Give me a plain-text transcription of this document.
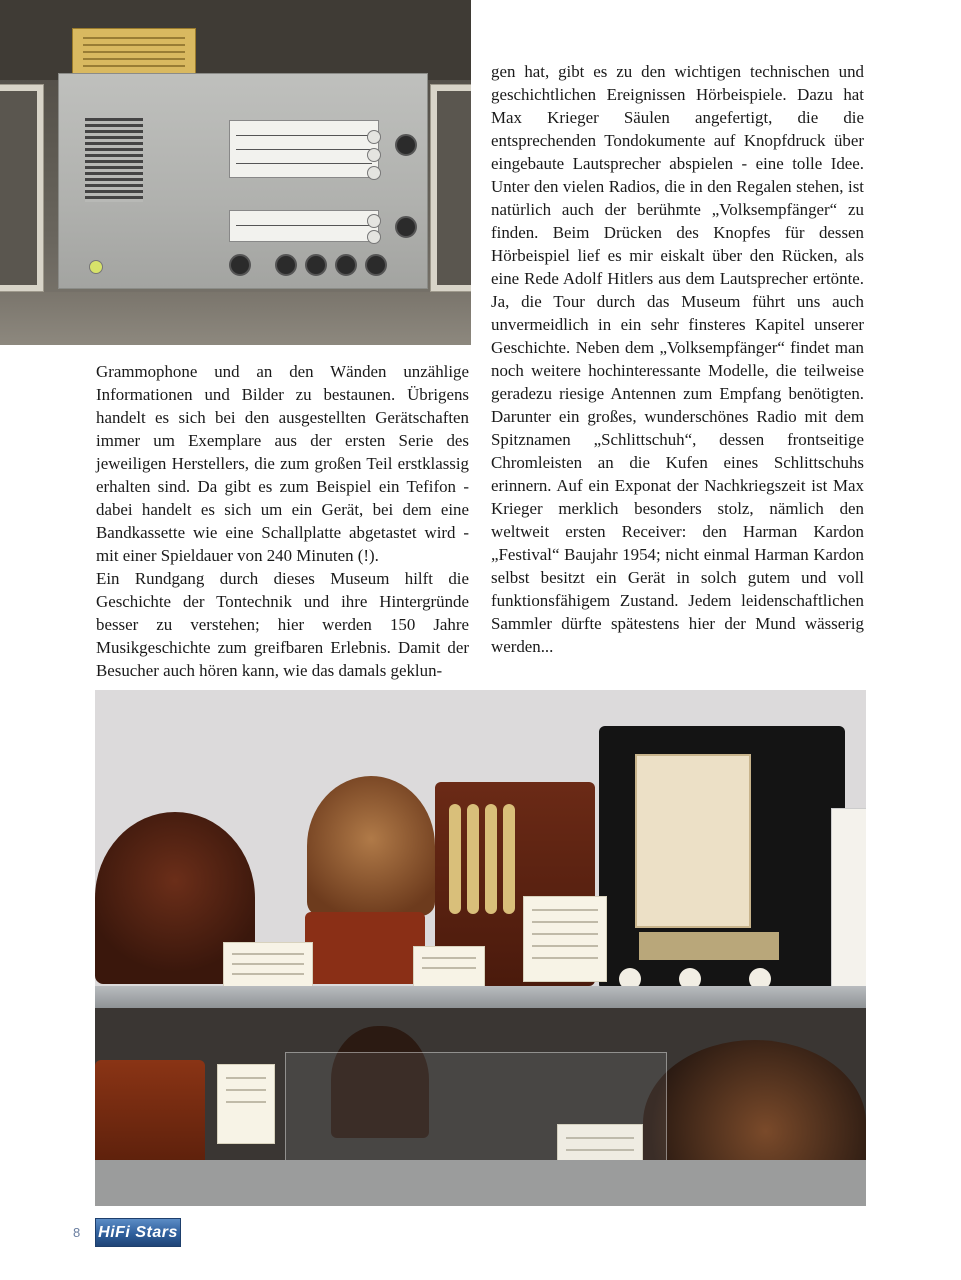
gen hat, gibt es zu den wichtigen technischen und geschichtlichen Ereignissen Hörbeispiele. Dazu hat Max Krieger Säulen angefertigt, die die entsprechenden Tondokumente auf Knopfdruck über eingebaute Lautsprecher abspielen - eine tolle Idee. Unter den vielen Radios, die in den Regalen stehen, ist natürlich auch der berühmte „Volksempfänger“ zu finden. Beim Drücken des Knopfes für dessen Hörbeispiel lief es mir eiskalt über den Rücken, als eine Rede Adolf Hitlers aus dem Lautsprecher ertönte. Ja, die Tour durch das Museum führt uns auch unvermeidlich in ein sehr finsteres Kapitel unserer Geschichte. Neben dem „Volksempfänger“ findet man noch weitere hochinteressante Modelle, die teilweise geradezu riesige Antennen zum Empfang benötigten. Darunter ein großes, wunderschönes Radio mit dem Spitznamen „Schlittschuh“, dessen frontseitige Chromleisten an die Kufen eines Schlittschuhs erinnern. Auf ein Exponat der Nachkriegszeit ist Max Krieger merklich besonders stolz, nämlich den weltweit ersten Receiver: den Harman Kardon „Festival“ Baujahr 1954; nicht einmal Harman Kardon selbst besitzt ein Gerät in solch gutem und voll funktionsfähigem Zustand. Jedem leidenschaftlichen Sammler dürfte spätestens hier der Mund wässerig werden...

Grammophone und an den Wänden unzählige Informationen und Bilder zu bestaunen. Übrigens handelt es sich bei den ausgestellten Gerätschaften immer um Exemplare aus der ersten Serie des jeweiligen Herstellers, die zum großen Teil erstklassig erhalten sind. Da gibt es zum Beispiel ein Tefifon - dabei handelt es sich um ein Gerät, bei dem eine Bandkassette wie eine Schallplatte abgetastet wird - mit einer Spieldauer von 240 Minuten (!).

Ein Rundgang durch dieses Museum hilft die Geschichte der Tontechnik und ihre Hintergründe besser zu verstehen; hier werden 150 Jahre Musikgeschichte zum greifbaren Erlebnis. Damit der Besucher auch hören kann, wie das damals geklun-

8 HiFi Stars
